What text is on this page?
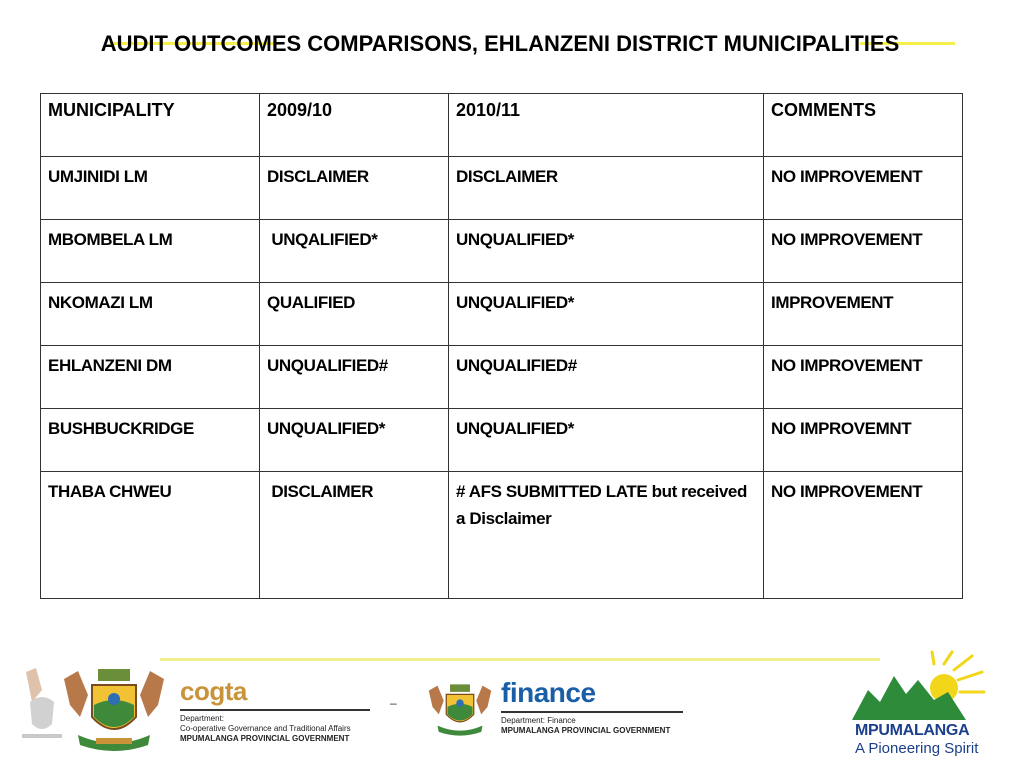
AUDIT OUTCOMES COMPARISONS, EHLANZENI DISTRICT MUNICIPALITIES
MUNICIPALITY	2009/10	2010/11	COMMENTS
UMJINIDI LM	DISCLAIMER	DISCLAIMER	NO IMPROVEMENT
MBOMBELA LM	UNQALIFIED*	UNQUALIFIED*	NO IMPROVEMENT
NKOMAZI LM	QUALIFIED	UNQUALIFIED*	IMPROVEMENT
EHLANZENI DM	UNQUALIFIED#	UNQUALIFIED#	NO IMPROVEMENT
BUSHBUCKRIDGE	UNQUALIFIED*	UNQUALIFIED*	NO IMPROVEMNT
THABA CHWEU	DISCLAIMER	# AFS SUBMITTED LATE but received a Disclaimer	NO IMPROVEMENT
cogta
Department:
Co-operative Governance and Traditional Affairs
MPUMALANGA PROVINCIAL GOVERNMENT
–	finance
Department: Finance
MPUMALANGA PROVINCIAL GOVERNMENT	MPUMALANGA
A Pioneering Spirit
